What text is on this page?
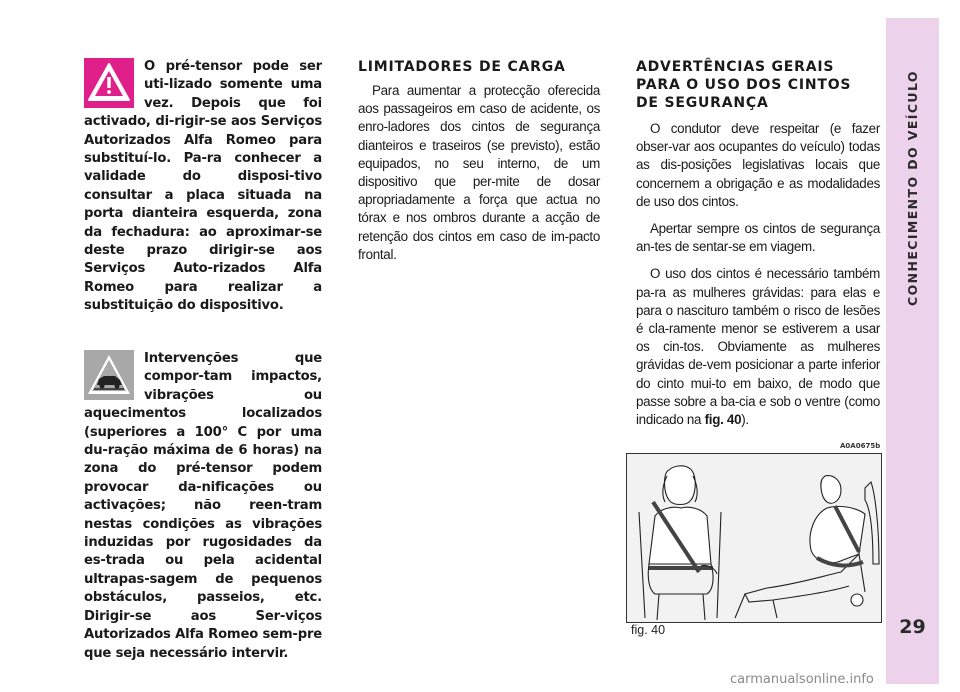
O pré-tensor pode ser uti-lizado somente uma vez. Depois que foi activado, di-rigir-se aos Serviços Autorizados Alfa Romeo para substituí-lo. Pa-ra conhecer a validade do disposi-tivo consultar a placa situada na porta dianteira esquerda, zona da fechadura: ao aproximar-se deste prazo dirigir-se aos Serviços Auto-rizados Alfa Romeo para realizar a substituição do dispositivo.
Intervenções que compor-tam impactos, vibrações ou aquecimentos localizados (superiores a 100° C por uma du-ração máxima de 6 horas) na zona do pré-tensor podem provocar da-nificações ou activações; não reen-tram nestas condições as vibrações induzidas por rugosidades da es-trada ou pela acidental ultrapas-sagem de pequenos obstáculos, passeios, etc. Dirigir-se aos Ser-viços Autorizados Alfa Romeo sem-pre que seja necessário intervir.
LIMITADORES DE CARGA

Para aumentar a protecção oferecida aos passageiros em caso de acidente, os enro-ladores dos cintos de segurança dianteiros e traseiros (se previsto), estão equipados, no seu interno, de um dispositivo que per-mite de dosar apropriadamente a força que actua no tórax e nos ombros durante a acção de retenção dos cintos em caso de im-pacto frontal.

ADVERTÊNCIAS GERAIS
PARA O USO DOS CINTOS
DE SEGURANÇA

O condutor deve respeitar (e fazer obser-var aos ocupantes do veículo) todas as dis-posições legislativas locais que concernem a obrigação e as modalidades de uso dos cintos.

Apertar sempre os cintos de segurança an-tes de sentar-se em viagem.

O uso dos cintos é necessário também pa-ra as mulheres grávidas: para elas e para o nascituro também o risco de lesões é cla-ramente menor se estiverem a usar os cin-tos. Obviamente as mulheres grávidas de-vem posicionar a parte inferior do cinto mui-to em baixo, de modo que passe sobre a ba-cia e sob o ventre (como indicado na fig. 40).

A0A0675b
fig. 40
CONHECIMENTO DO VEÍCULO
29
carmanualsonline.info
